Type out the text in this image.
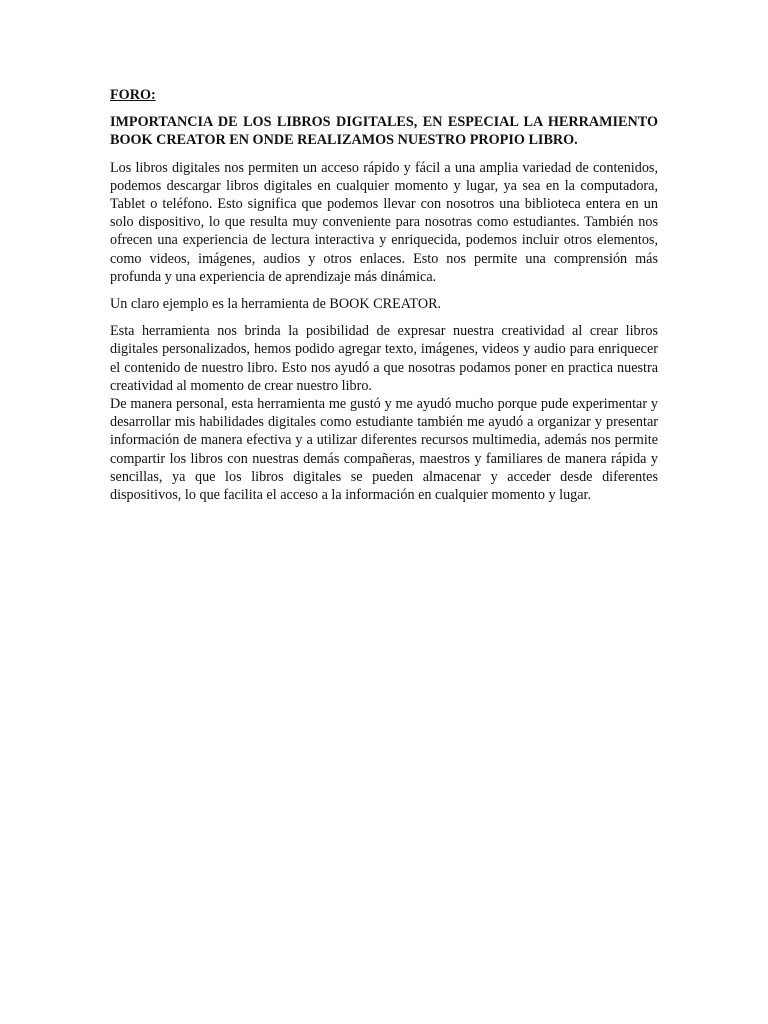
FORO:
IMPORTANCIA DE LOS LIBROS DIGITALES, EN ESPECIAL LA HERRAMIENTO BOOK CREATOR EN ONDE REALIZAMOS NUESTRO PROPIO LIBRO.

Los libros digitales nos permiten un acceso rápido y fácil a una amplia variedad de contenidos, podemos descargar libros digitales en cualquier momento y lugar, ya sea en la computadora, Tablet o teléfono. Esto significa que podemos llevar con nosotros una biblioteca entera en un solo dispositivo, lo que resulta muy conveniente para nosotras como estudiantes. También nos ofrecen una experiencia de lectura interactiva y enriquecida, podemos incluir otros elementos, como videos, imágenes, audios y otros enlaces. Esto nos permite una comprensión más profunda y una experiencia de aprendizaje más dinámica.

Un claro ejemplo es la herramienta de BOOK CREATOR.

Esta herramienta nos brinda la posibilidad de expresar nuestra creatividad al crear libros digitales personalizados, hemos podido agregar texto, imágenes, videos y audio para enriquecer el contenido de nuestro libro. Esto nos ayudó a que nosotras podamos poner en practica nuestra creatividad al momento de crear nuestro libro.

De manera personal, esta herramienta me gustó y me ayudó mucho porque pude experimentar y desarrollar mis habilidades digitales como estudiante también me ayudó a organizar y presentar información de manera efectiva y a utilizar diferentes recursos multimedia, además nos permite compartir los libros con nuestras demás compañeras, maestros y familiares de manera rápida y sencillas, ya que los libros digitales se pueden almacenar y acceder desde diferentes dispositivos, lo que facilita el acceso a la información en cualquier momento y lugar.
